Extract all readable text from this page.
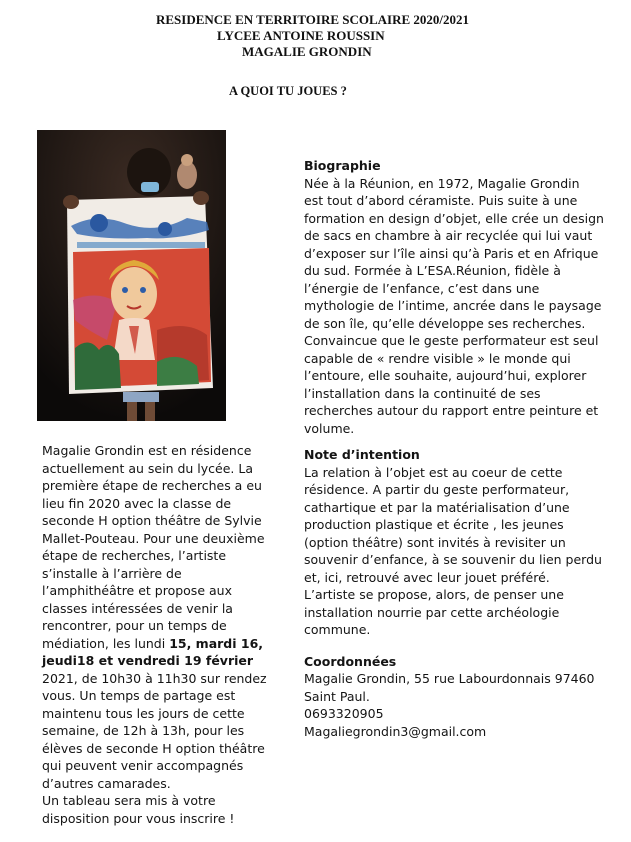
RESIDENCE EN TERRITOIRE SCOLAIRE 2020/2021
LYCEE ANTOINE ROUSSIN
MAGALIE GRONDIN
A QUOI TU JOUES ?
Magalie Grondin est en résidence
actuellement au sein du lycée. La
première étape de recherches a eu
lieu fin 2020 avec la classe de
seconde H option théâtre de Sylvie
Mallet-Pouteau. Pour une deuxième
étape de recherches, l’artiste
s’installe à l’arrière de
l’amphithéâtre et propose aux
classes intéressées de venir la
rencontrer, pour un temps de
médiation, les lundi 15, mardi 16,
jeudi18 et vendredi 19 février
2021, de 10h30 à 11h30 sur rendez
vous. Un temps de partage est
maintenu tous les jours de cette
semaine, de 12h à 13h, pour les
élèves de seconde H option théâtre
qui peuvent venir accompagnés
d’autres camarades.
Un tableau sera mis à votre
disposition pour vous inscrire !
Biographie
Née à la Réunion, en 1972, Magalie Grondin
est tout d’abord céramiste. Puis suite à une
formation en design d’objet, elle crée un design
de sacs en chambre à air recyclée qui lui vaut
d’exposer sur l’île ainsi qu’à Paris et en Afrique
du sud. Formée à L’ESA.Réunion, fidèle à
l’énergie de l’enfance, c’est dans une
mythologie de l’intime, ancrée dans le paysage
de son île, qu’elle développe ses recherches.
Convaincue que le geste performateur est seul
capable de « rendre visible » le monde qui
l’entoure, elle souhaite, aujourd’hui, explorer
l’installation dans la continuité de ses
recherches autour du rapport entre peinture et
volume.
Note d’intention
La relation à l’objet est au coeur de cette
résidence. A partir du geste performateur,
cathartique et par la matérialisation d’une
production plastique et écrite , les jeunes
(option théâtre) sont invités à revisiter un
souvenir d’enfance, à se souvenir du lien perdu
et, ici, retrouvé avec leur jouet préféré.
L’artiste se propose, alors, de penser une
installation nourrie par cette archéologie
commune.
Coordonnées
Magalie Grondin, 55 rue Labourdonnais 97460
Saint Paul.
0693320905
Magaliegrondin3@gmail.com
